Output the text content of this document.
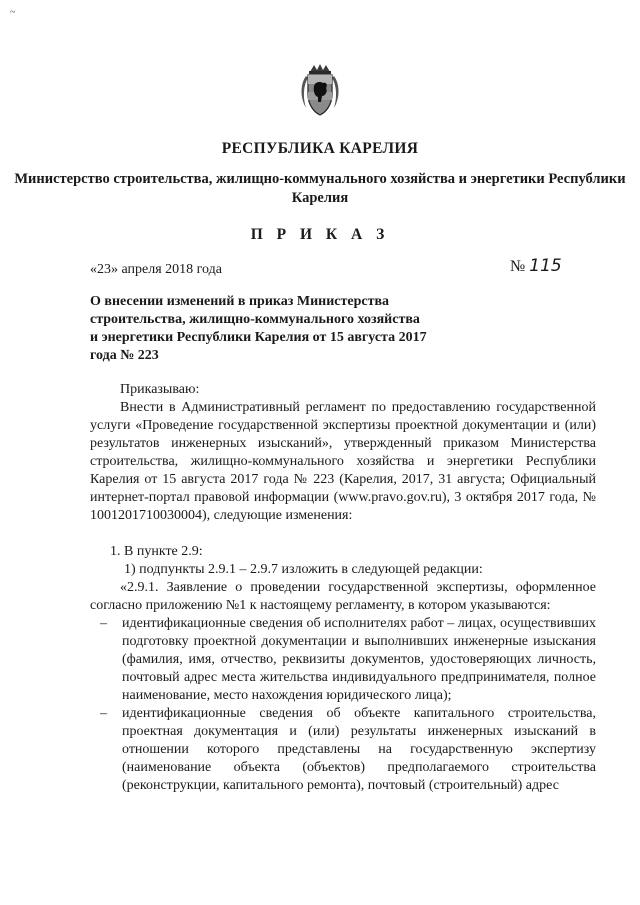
~
РЕСПУБЛИКА КАРЕЛИЯ
Министерство строительства, жилищно-коммунального хозяйства и энергетики Республики Карелия
П Р И К А З
«23» апреля 2018 года	№ 115
О внесении изменений в приказ Министерства строительства, жилищно-коммунального хозяйства и энергетики Республики Карелия от 15 августа 2017 года № 223

Приказываю:

Внести в Административный регламент по предоставлению государственной услуги «Проведение государственной экспертизы проектной документации и (или) результатов инженерных изысканий», утвержденный приказом Министерства строительства, жилищно-коммунального хозяйства и энергетики Республики Карелия от 15 августа 2017 года № 223 (Карелия, 2017, 31 августа; Официальный интернет-портал правовой информации (www.pravo.gov.ru), 3 октября 2017 года, № 1001201710030004), следующие изменения:

1. В пункте 2.9:

1) подпункты 2.9.1 – 2.9.7 изложить в следующей редакции:

«2.9.1. Заявление о проведении государственной экспертизы, оформленное согласно приложению №1 к настоящему регламенту, в котором указываются:

– идентификационные сведения об исполнителях работ – лицах, осуществивших подготовку проектной документации и выполнивших инженерные изыскания (фамилия, имя, отчество, реквизиты документов, удостоверяющих личность, почтовый адрес места жительства индивидуального предпринимателя, полное наименование, место нахождения юридического лица);

– идентификационные сведения об объекте капитального строительства, проектная документация и (или) результаты инженерных изысканий в отношении которого представлены на государственную экспертизу (наименование объекта (объектов) предполагаемого строительства (реконструкции, капитального ремонта), почтовый (строительный) адрес
